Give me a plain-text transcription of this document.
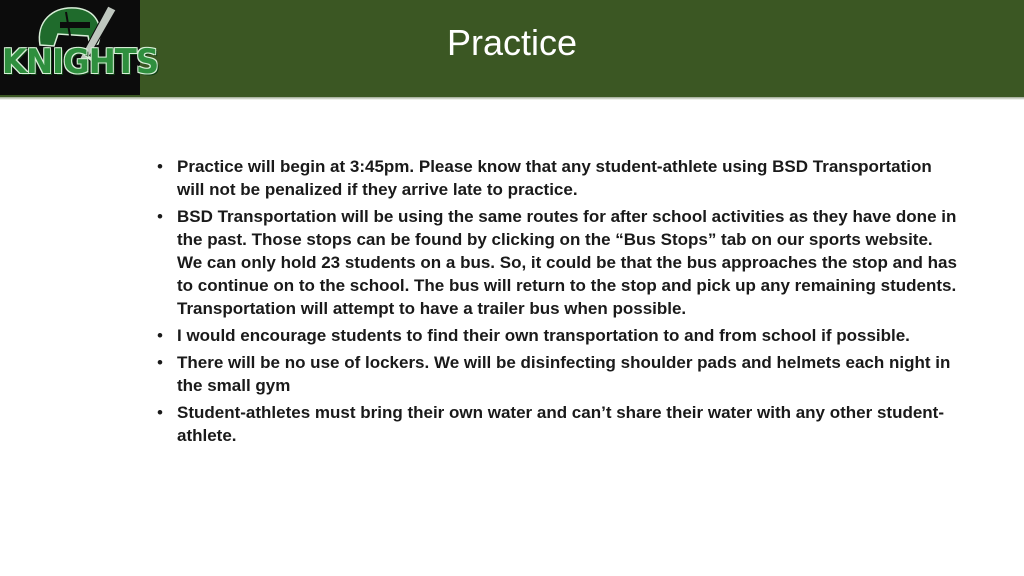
KNIGHTS	Practice
• Practice will begin at 3:45pm. Please know that any student-athlete using BSD Transportation will not be penalized if they arrive late to practice.
• BSD Transportation will be using the same routes for after school activities as they have done in the past. Those stops can be found by clicking on the “Bus Stops” tab on our sports website. We can only hold 23 students on a bus. So, it could be that the bus approaches the stop and has to continue on to the school. The bus will return to the stop and pick up any remaining students. Transportation will attempt to have a trailer bus when possible.
• I would encourage students to find their own transportation to and from school if possible.
• There will be no use of lockers. We will be disinfecting shoulder pads and helmets each night in the small gym
• Student-athletes must bring their own water and can’t share their water with any other student-athlete.
